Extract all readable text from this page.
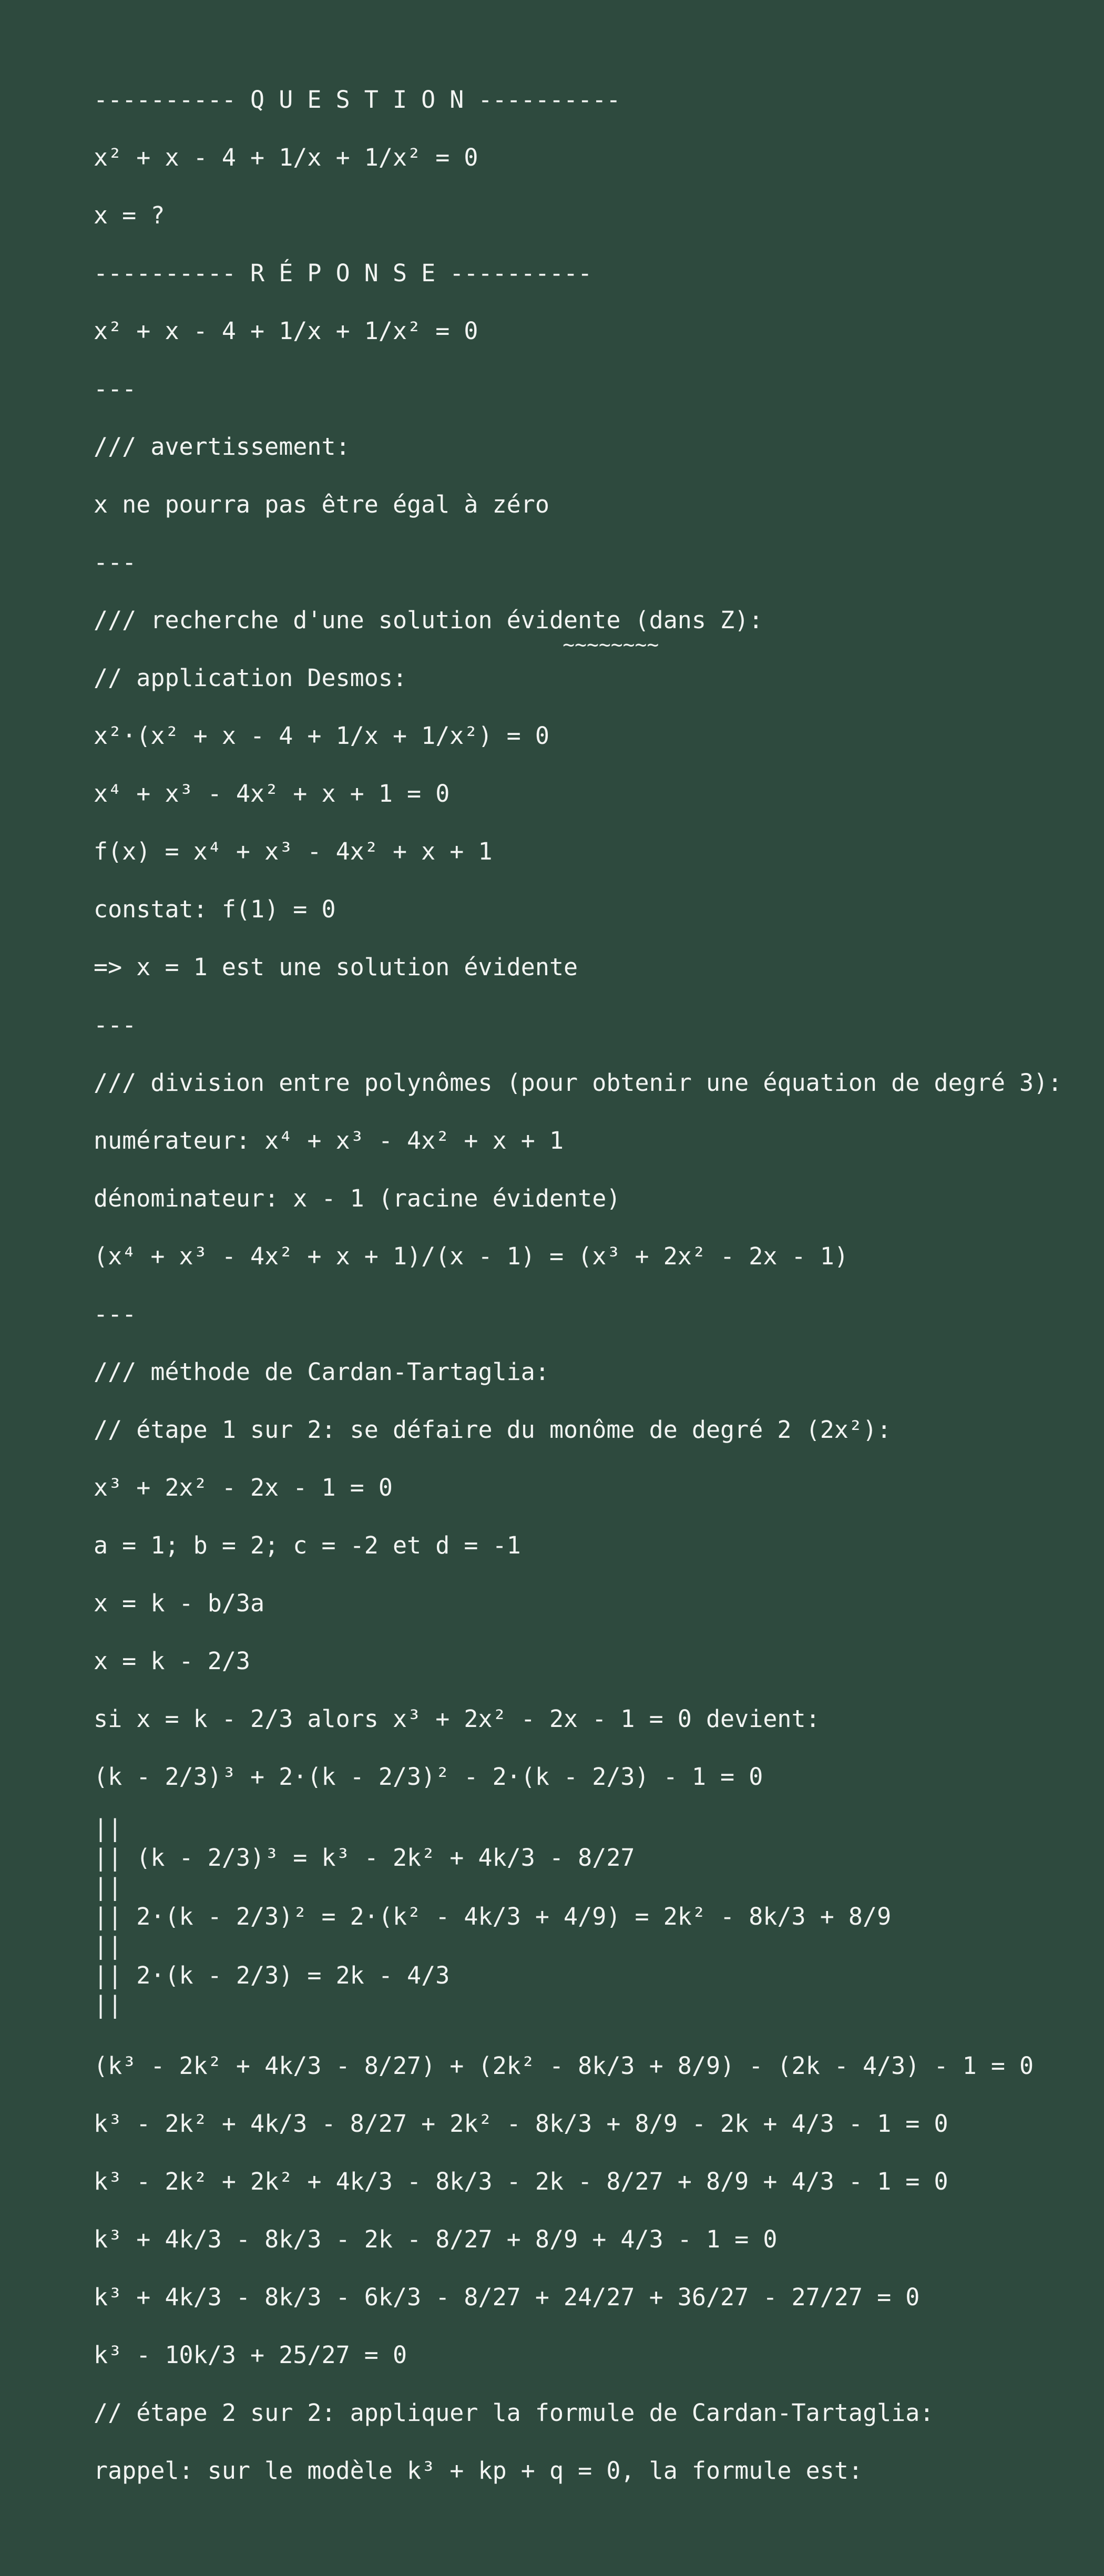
---------- Q U E S T I O N ----------
x² + x - 4 + 1/x + 1/x² = 0
x = ?
---------- R É P O N S E ----------
x² + x - 4 + 1/x + 1/x² = 0
---
/// avertissement:
x ne pourra pas être égal à zéro
---
/// recherche d'une solution évidente (dans Z):
~~~~~~~~
// application Desmos:
x²·(x² + x - 4 + 1/x + 1/x²) = 0
x⁴ + x³ - 4x² + x + 1 = 0
f(x) = x⁴ + x³ - 4x² + x + 1
constat: f(1) = 0
=> x = 1 est une solution évidente
---
/// division entre polynômes (pour obtenir une équation de degré 3):
numérateur: x⁴ + x³ - 4x² + x + 1
dénominateur: x - 1 (racine évidente)
(x⁴ + x³ - 4x² + x + 1)/(x - 1) = (x³ + 2x² - 2x - 1)
---
/// méthode de Cardan-Tartaglia:
// étape 1 sur 2: se défaire du monôme de degré 2 (2x²):
x³ + 2x² - 2x - 1 = 0
a = 1; b = 2; c = -2 et d = -1
x = k - b/3a
x = k - 2/3
si x = k - 2/3 alors x³ + 2x² - 2x - 1 = 0 devient:
(k - 2/3)³ + 2·(k - 2/3)² - 2·(k - 2/3) - 1 = 0
||
|| (k - 2/3)³ = k³ - 2k² + 4k/3 - 8/27
||
|| 2·(k - 2/3)² = 2·(k² - 4k/3 + 4/9) = 2k² - 8k/3 + 8/9
||
|| 2·(k - 2/3) = 2k - 4/3
||
(k³ - 2k² + 4k/3 - 8/27) + (2k² - 8k/3 + 8/9) - (2k - 4/3) - 1 = 0
k³ - 2k² + 4k/3 - 8/27 + 2k² - 8k/3 + 8/9 - 2k + 4/3 - 1 = 0
k³ - 2k² + 2k² + 4k/3 - 8k/3 - 2k - 8/27 + 8/9 + 4/3 - 1 = 0
k³ + 4k/3 - 8k/3 - 2k - 8/27 + 8/9 + 4/3 - 1 = 0
k³ + 4k/3 - 8k/3 - 6k/3 - 8/27 + 24/27 + 36/27 - 27/27 = 0
k³ - 10k/3 + 25/27 = 0
// étape 2 sur 2: appliquer la formule de Cardan-Tartaglia:
rappel: sur le modèle k³ + kp + q = 0, la formule est:
